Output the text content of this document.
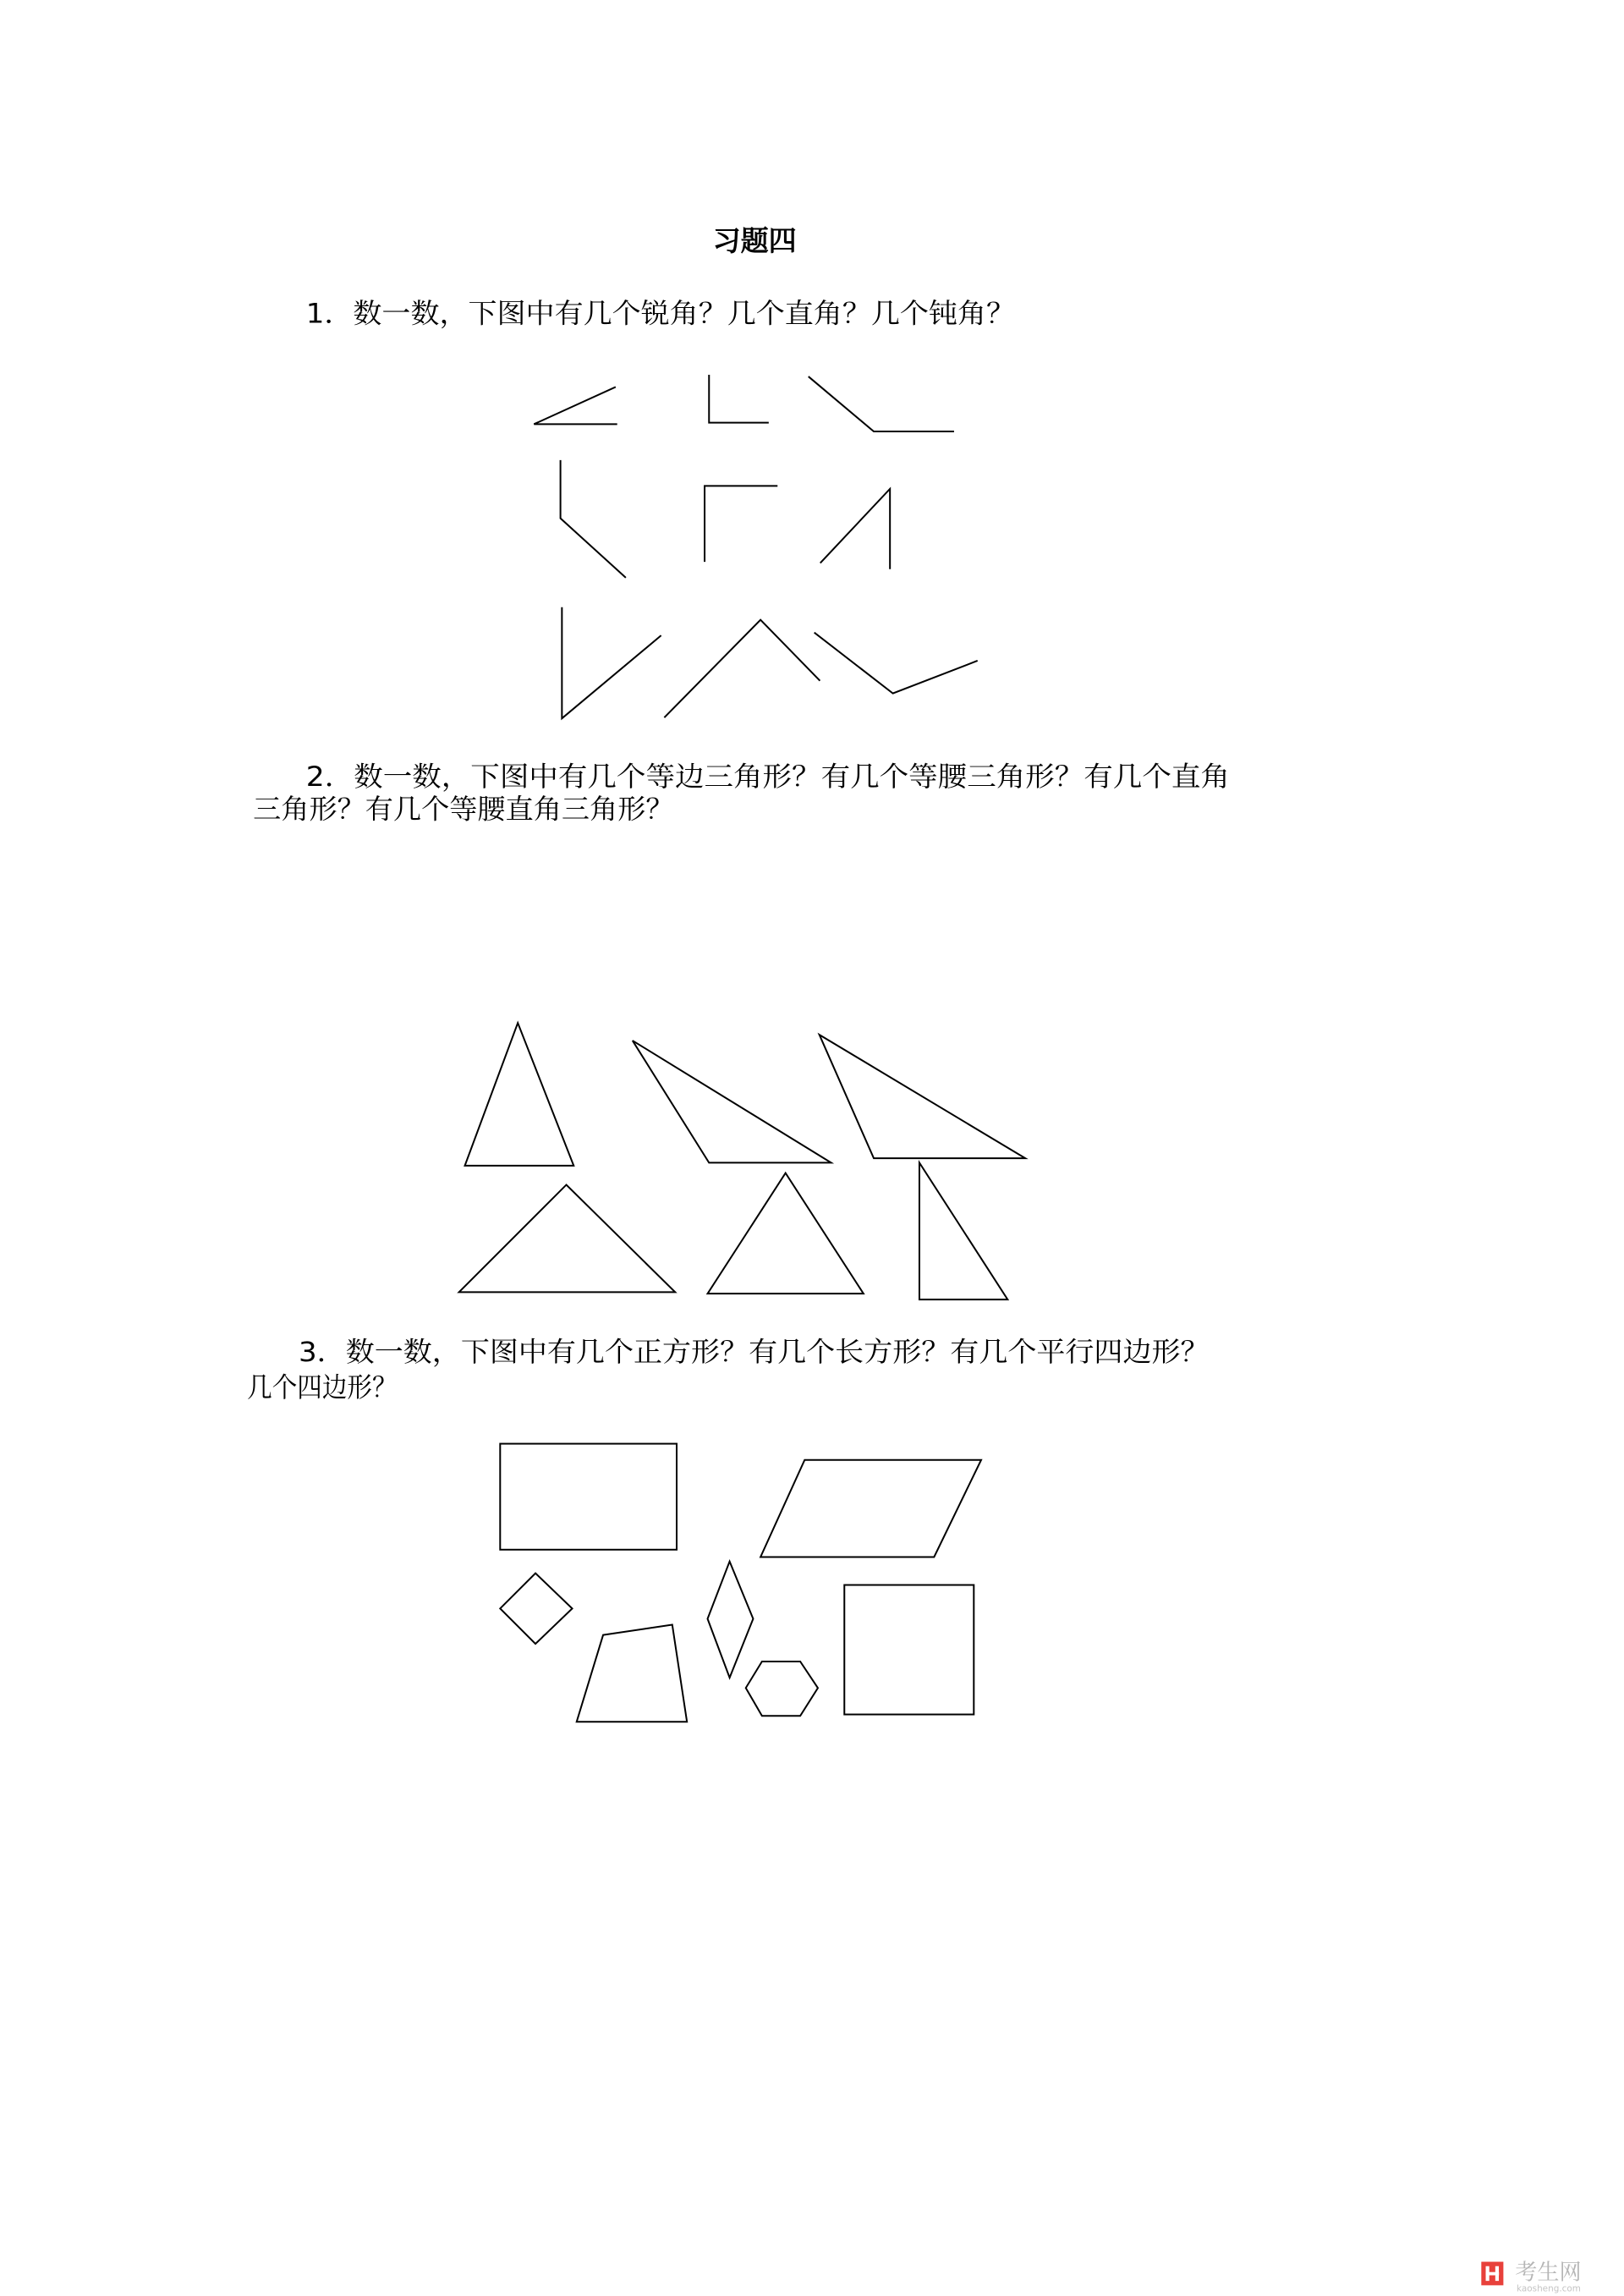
习题四
1．数一数，下图中有几个锐角？几个直角？几个钝角？
2．数一数，下图中有几个等边三角形？有几个等腰三角形？有几个直角
三角形？有几个等腰直角三角形？
3．数一数，下图中有几个正方形？有几个长方形？有几个平行四边形？
几个四边形？
考生网
kaosheng.com
